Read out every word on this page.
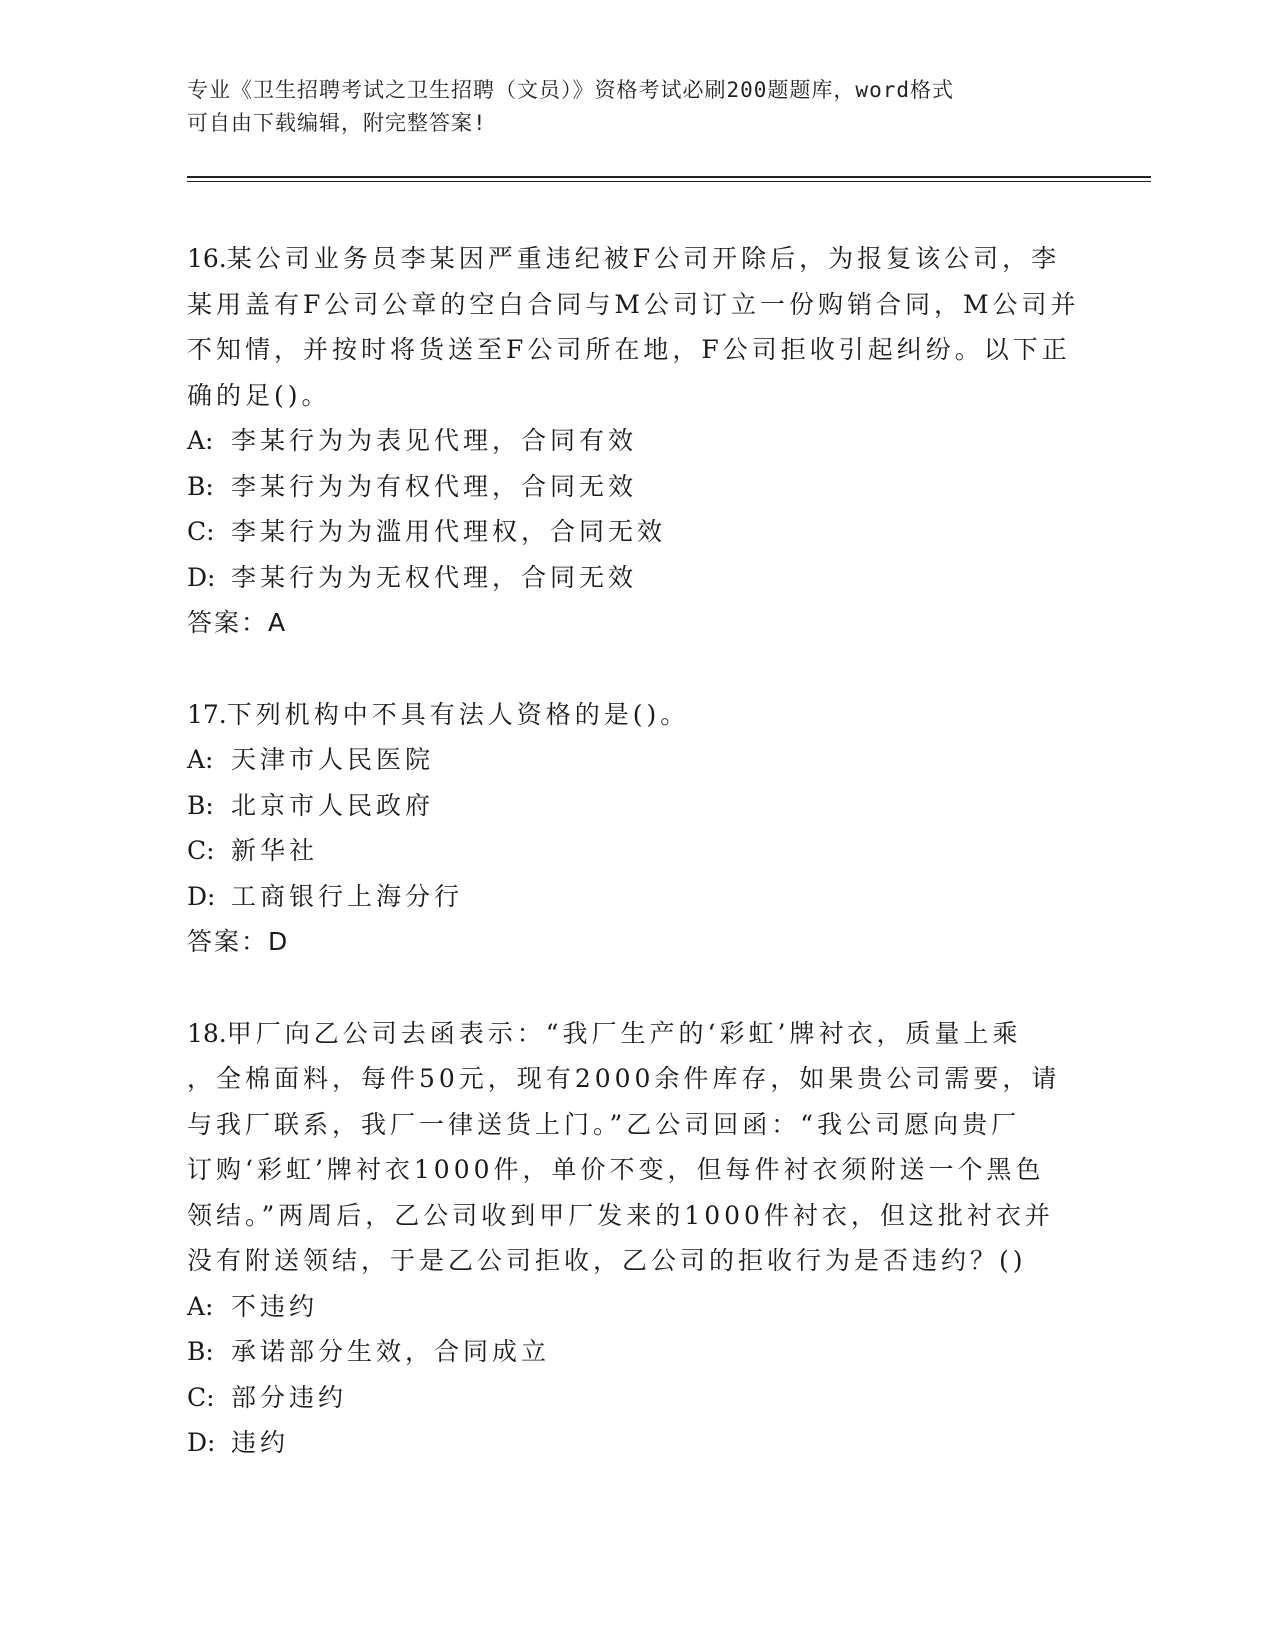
专业《卫生招聘考试之卫生招聘（文员）》资格考试必刷200题题库，word格式
可自由下载编辑，附完整答案!
16.某公司业务员李某因严重违纪被F公司开除后，为报复该公司，李
某用盖有F公司公章的空白合同与M公司订立一份购销合同，M公司并
不知情，并按时将货送至F公司所在地，F公司拒收引起纠纷。以下正
确的足()。
A: 李某行为为表见代理，合同有效
B: 李某行为为有权代理，合同无效
C: 李某行为为滥用代理权，合同无效
D: 李某行为为无权代理，合同无效
答案：A
17.下列机构中不具有法人资格的是()。
A: 天津市人民医院
B: 北京市人民政府
C: 新华社
D: 工商银行上海分行
答案：D
18.甲厂向乙公司去函表示：“我厂生产的‘彩虹’牌衬衣，质量上乘
，全棉面料，每件50元，现有2000余件库存，如果贵公司需要，请
与我厂联系，我厂一律送货上门。”乙公司回函：“我公司愿向贵厂
订购‘彩虹’牌衬衣1000件，单价不变，但每件衬衣须附送一个黑色
领结。”两周后，乙公司收到甲厂发来的1000件衬衣，但这批衬衣并
没有附送领结，于是乙公司拒收，乙公司的拒收行为是否违约？()
A: 不违约
B: 承诺部分生效，合同成立
C: 部分违约
D: 违约
